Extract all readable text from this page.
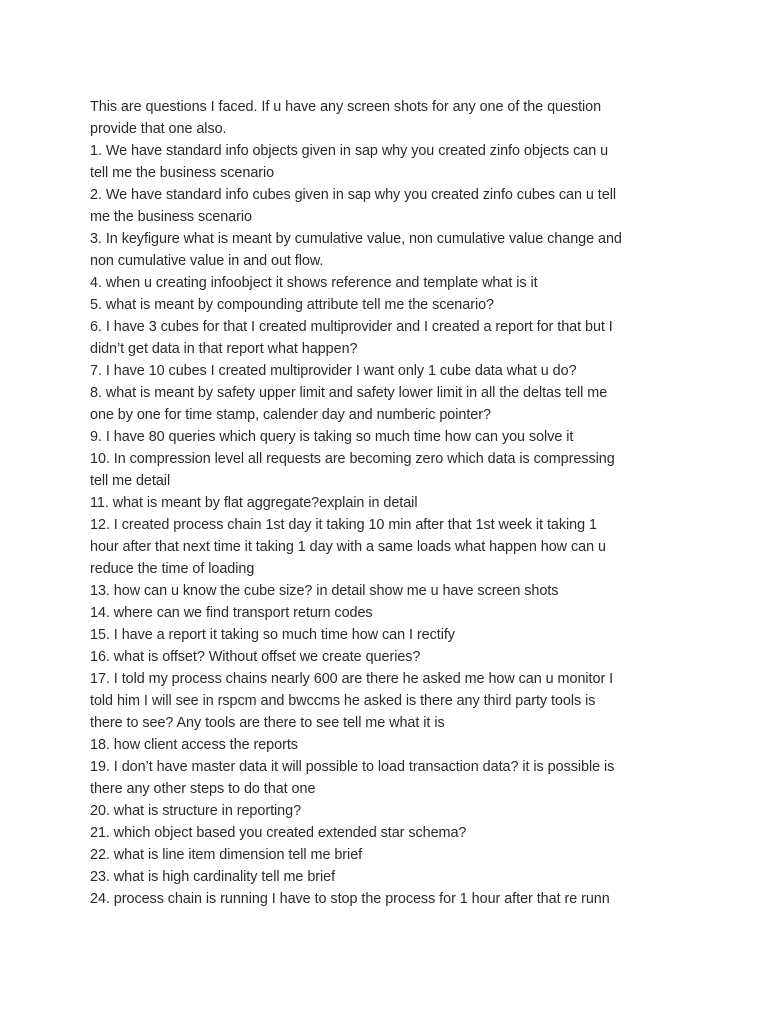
This are questions I faced. If u have any screen shots for any one of the question
provide that one also.

1. We have standard info objects given in sap why you created zinfo objects can u
tell me the business scenario

2. We have standard info cubes given in sap why you created zinfo cubes can u tell
me the business scenario

3. In keyfigure what is meant by cumulative value, non cumulative value change and
non cumulative value in and out flow.

4. when u creating infoobject it shows reference and template what is it

5. what is meant by compounding attribute tell me the scenario?

6. I have 3 cubes for that I created multiprovider and I created a report for that but I
didn’t get data in that report what happen?

7. I have 10 cubes I created multiprovider I want only 1 cube data what u do?

8. what is meant by safety upper limit and safety lower limit in all the deltas tell me
one by one for time stamp, calender day and numberic pointer?

9. I have 80 queries which query is taking so much time how can you solve it

10. In compression level all requests are becoming zero which data is compressing
tell me detail

11. what is meant by flat aggregate?explain in detail

12. I created process chain 1st day it taking 10 min after that 1st week it taking 1
hour after that next time it taking 1 day with a same loads what happen how can u
reduce the time of loading

13. how can u know the cube size? in detail show me u have screen shots

14. where can we find transport return codes

15. I have a report it taking so much time how can I rectify

16. what is offset? Without offset we create queries?

17. I told my process chains nearly 600 are there he asked me how can u monitor I
told him I will see in rspcm and bwccms he asked is there any third party tools is
there to see? Any tools are there to see tell me what it is

18. how client access the reports

19. I don’t have master data it will possible to load transaction data? it is possible is
there any other steps to do that one

20. what is structure in reporting?

21. which object based you created extended star schema?

22. what is line item dimension tell me brief

23. what is high cardinality tell me brief

24. process chain is running I have to stop the process for 1 hour after that re runn
